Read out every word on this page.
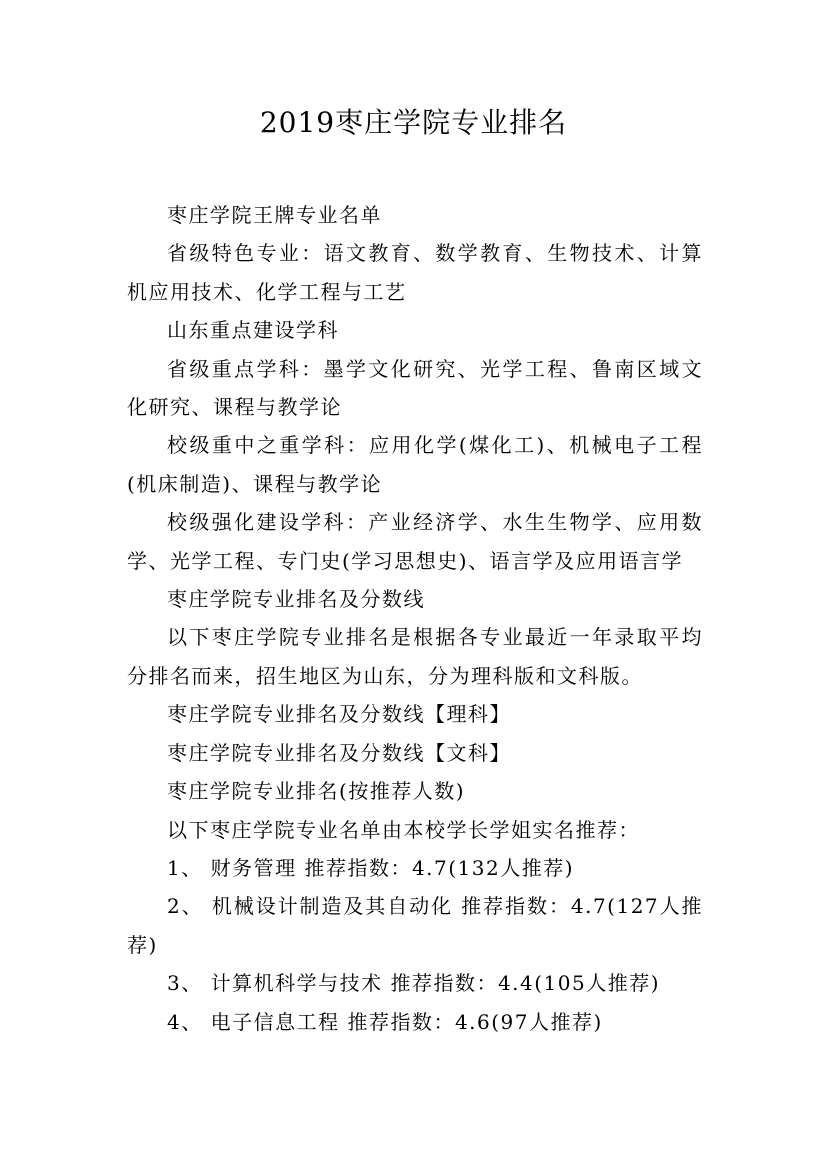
2019枣庄学院专业排名

枣庄学院王牌专业名单

省级特色专业：语文教育、数学教育、生物技术、计算机应用技术、化学工程与工艺

山东重点建设学科

省级重点学科：墨学文化研究、光学工程、鲁南区域文化研究、课程与教学论

校级重中之重学科：应用化学(煤化工)、机械电子工程(机床制造)、课程与教学论

校级强化建设学科：产业经济学、水生生物学、应用数学、光学工程、专门史(学习思想史)、语言学及应用语言学

枣庄学院专业排名及分数线

以下枣庄学院专业排名是根据各专业最近一年录取平均分排名而来，招生地区为山东，分为理科版和文科版。

枣庄学院专业排名及分数线【理科】

枣庄学院专业排名及分数线【文科】

枣庄学院专业排名(按推荐人数)

以下枣庄学院专业名单由本校学长学姐实名推荐：

1、 财务管理 推荐指数：4.7(132人推荐)

2、 机械设计制造及其自动化 推荐指数：4.7(127人推荐)

3、 计算机科学与技术 推荐指数：4.4(105人推荐)

4、 电子信息工程 推荐指数：4.6(97人推荐)
